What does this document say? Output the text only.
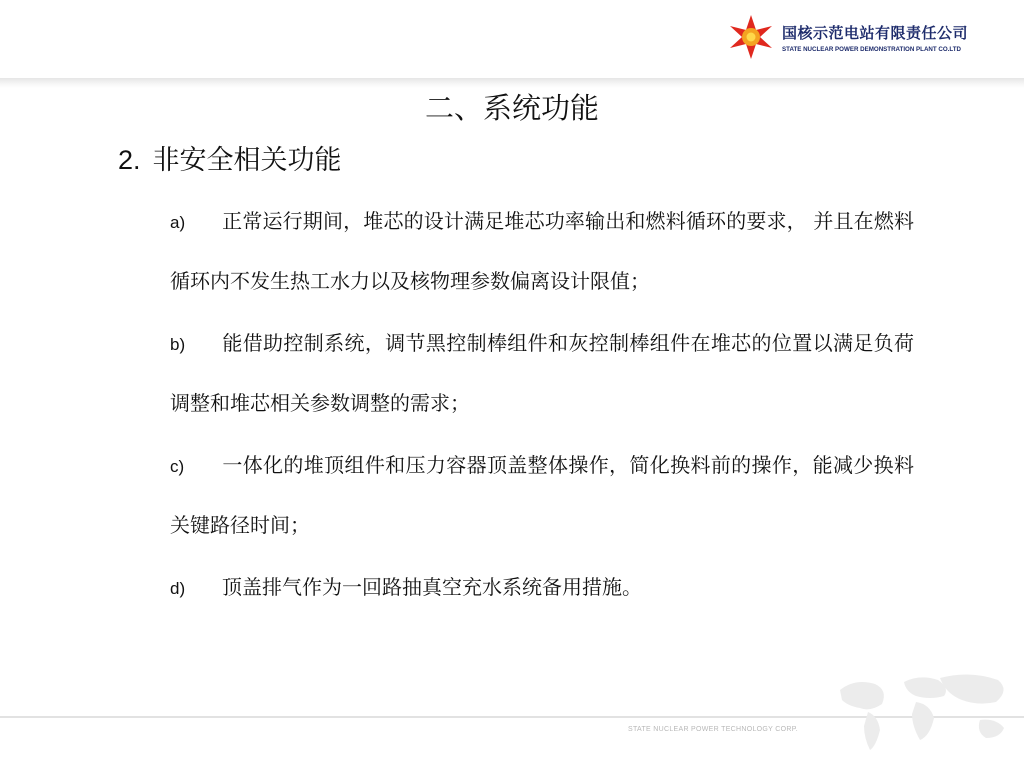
国核示范电站有限责任公司
STATE NUCLEAR POWER DEMONSTRATION PLANT CO.LTD
二、系统功能
2. 非安全相关功能

a) 正常运行期间，堆芯的设计满足堆芯功率输出和燃料循环的要求， 并且在燃料循环内不发生热工水力以及核物理参数偏离设计限值；

b) 能借助控制系统，调节黑控制棒组件和灰控制棒组件在堆芯的位置以满足负荷调整和堆芯相关参数调整的需求；

c) 一体化的堆顶组件和压力容器顶盖整体操作，简化换料前的操作，能减少换料关键路径时间；

d) 顶盖排气作为一回路抽真空充水系统备用措施。

STATE NUCLEAR POWER TECHNOLOGY CORP.
